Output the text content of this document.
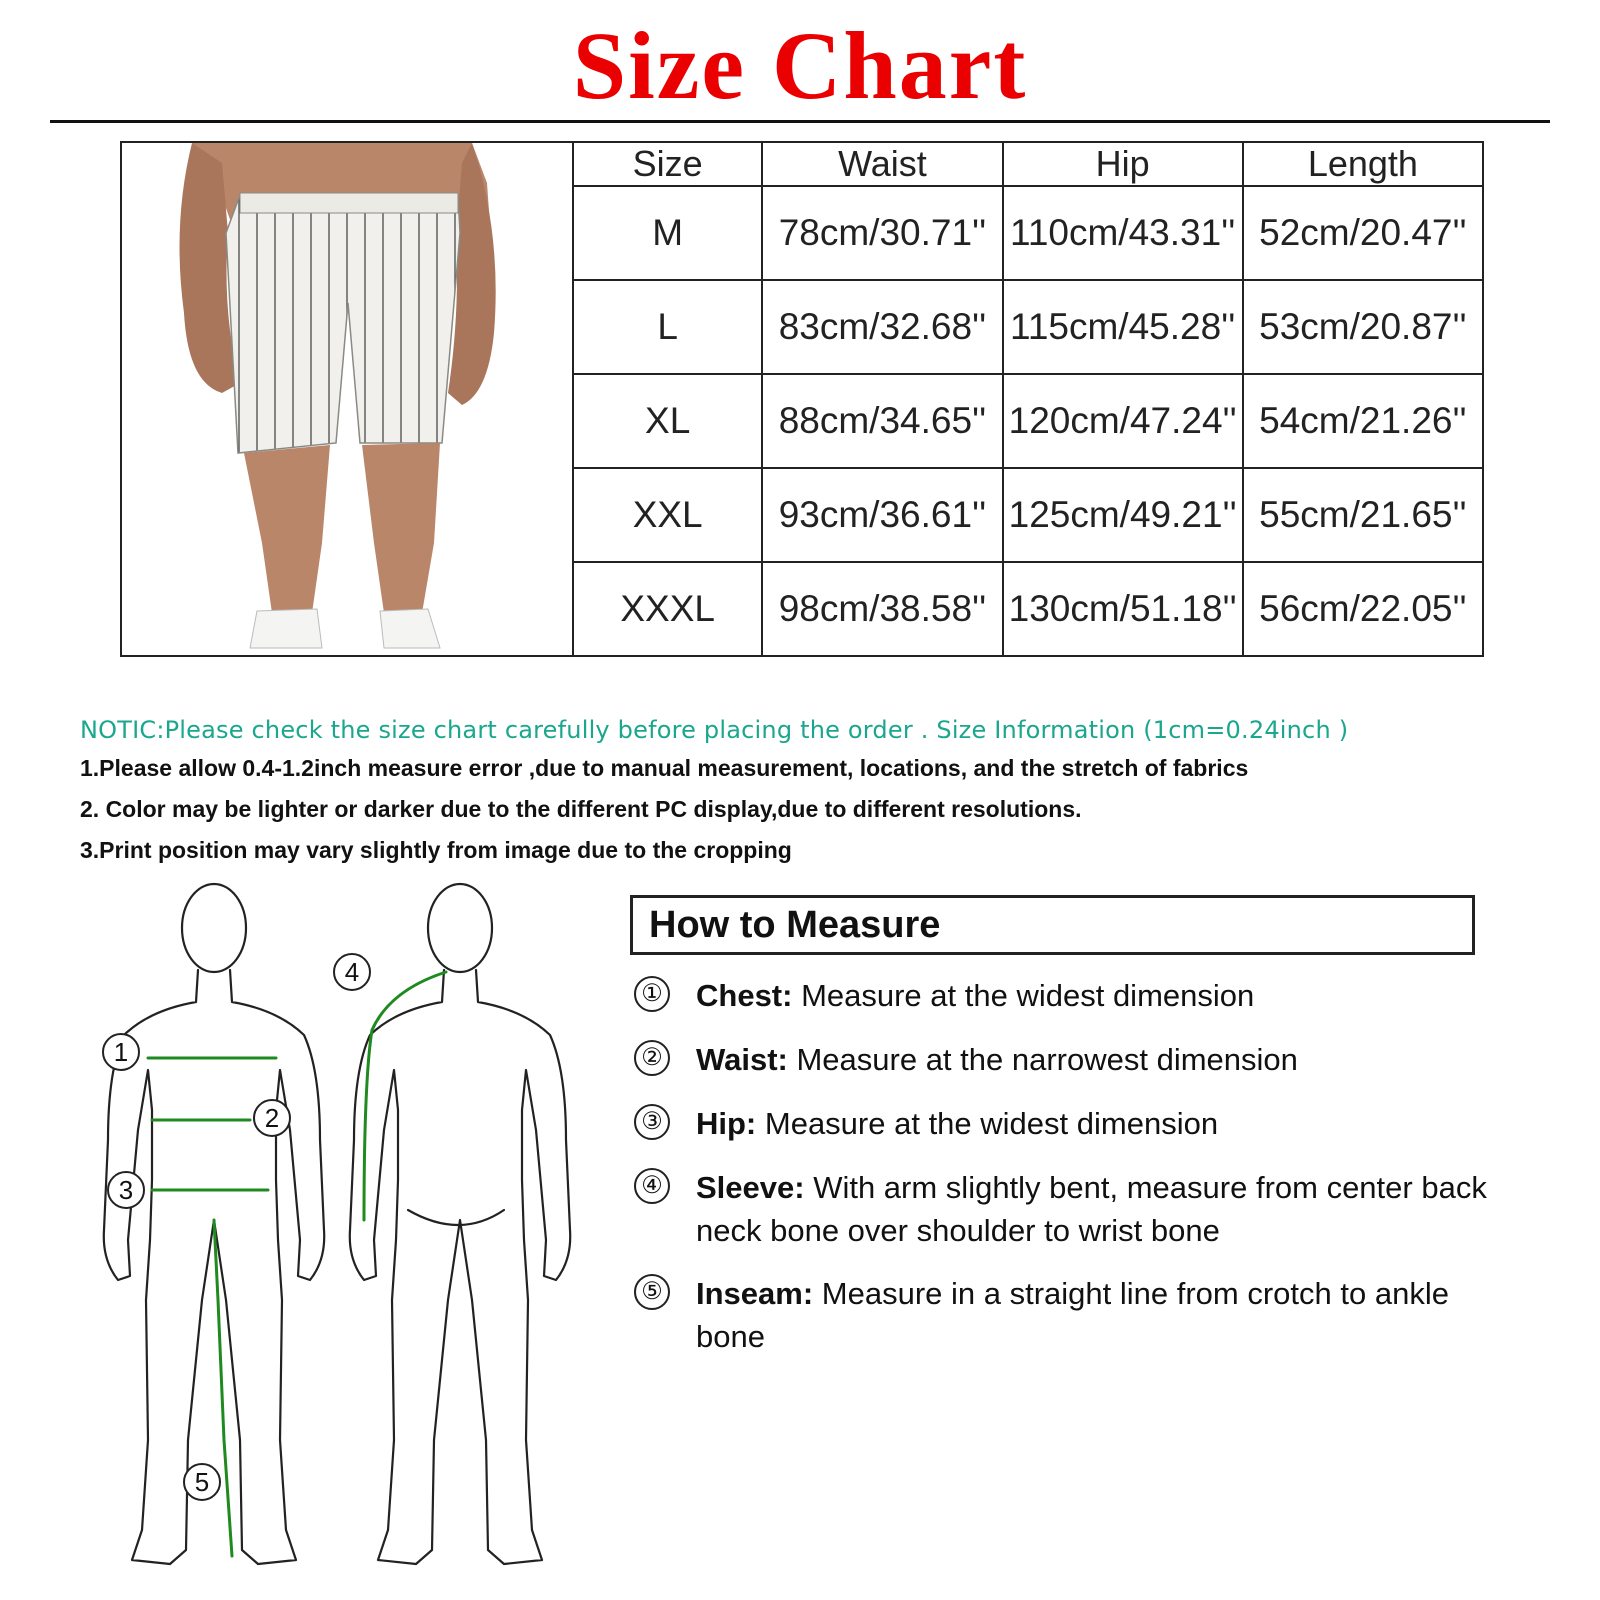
Size Chart
Size	Waist	Hip	Length
M	78cm/30.71''	110cm/43.31''	52cm/20.47''
L	83cm/32.68''	115cm/45.28''	53cm/20.87''
XL	88cm/34.65''	120cm/47.24''	54cm/21.26''
XXL	93cm/36.61''	125cm/49.21''	55cm/21.65''
XXXL	98cm/38.58''	130cm/51.18''	56cm/22.05''
NOTIC:Please check the size chart carefully before placing the order . Size Information (1cm=0.24inch )
1.Please allow 0.4-1.2inch measure error ,due to manual measurement, locations, and the stretch of fabrics
2. Color may be lighter or darker due to the different PC display,due to different resolutions.
3.Print position may vary slightly from image due to the cropping
1
2
3
4
5
How to Measure
① Chest: Measure at the widest dimension
② Waist: Measure at the narrowest dimension
③ Hip: Measure at the widest dimension
④ Sleeve: With arm slightly bent, measure from center back neck bone over shoulder to wrist bone
⑤ Inseam: Measure in a straight line from crotch to ankle bone
